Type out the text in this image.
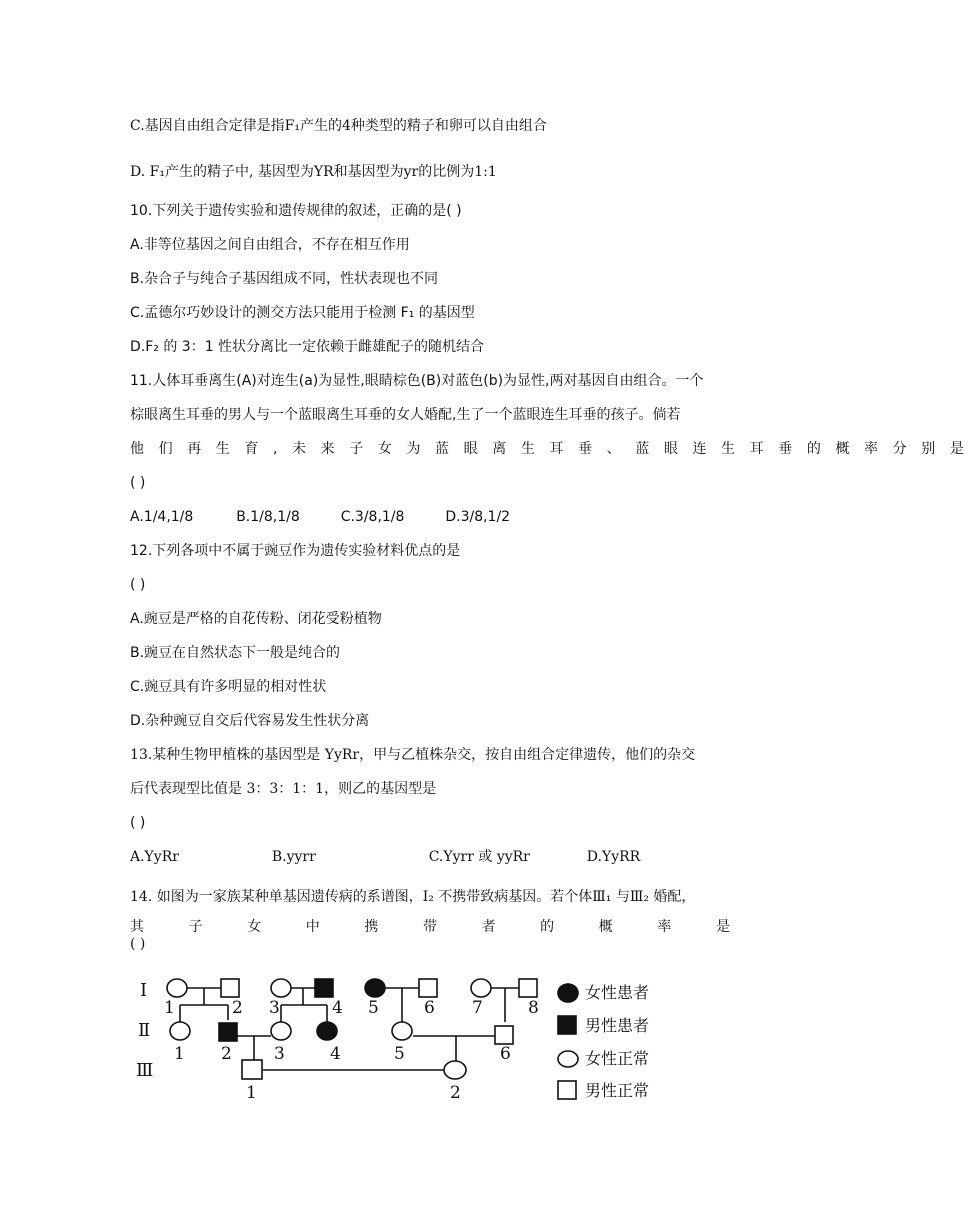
C.基因自由组合定律是指F₁产生的4种类型的精子和卵可以自由组合
D. F₁产生的精子中, 基因型为YR和基因型为yr的比例为1:1
10.下列关于遗传实验和遗传规律的叙述，正确的是( )
A.非等位基因之间自由组合，不存在相互作用
B.杂合子与纯合子基因组成不同，性状表现也不同
C.孟德尔巧妙设计的测交方法只能用于检测 F₁ 的基因型
D.F₂ 的 3：1 性状分离比一定依赖于雌雄配子的随机结合
11.人体耳垂离生(A)对连生(a)为显性,眼睛棕色(B)对蓝色(b)为显性,两对基因自由组合。一个
棕眼离生耳垂的男人与一个蓝眼离生耳垂的女人婚配,生了一个蓝眼连生耳垂的孩子。倘若
他们再生育,未来子女为蓝眼离生耳垂、蓝眼连生耳垂的概率分别是
( )
A.1/4,1/8	B.1/8,1/8	C.3/8,1/8	D.3/8,1/2
12.下列各项中不属于豌豆作为遗传实验材料优点的是
( )
A.豌豆是严格的自花传粉、闭花受粉植物
B.豌豆在自然状态下一般是纯合的
C.豌豆具有许多明显的相对性状
D.杂种豌豆自交后代容易发生性状分离
13.某种生物甲植株的基因型是 YyRr，甲与乙植株杂交，按自由组合定律遗传，他们的杂交
后代表现型比值是 3：3：1：1，则乙的基因型是
( )
A.YyRr	B.yyrr	C.Yyrr 或 yyRr	D.YyRR
14. 如图为一家族某种单基因遗传病的系谱图，Ⅰ₂ 不携带致病基因。若个体Ⅲ₁ 与Ⅲ₂ 婚配，
其	子	女	中	携	带	者	的	概	率	是
( )
Ⅰ
Ⅱ
Ⅲ
1	2 3	4 5	6 7	8
1 2 3	4	5	6
1	2
女性患者
男性患者
女性正常
男性正常
